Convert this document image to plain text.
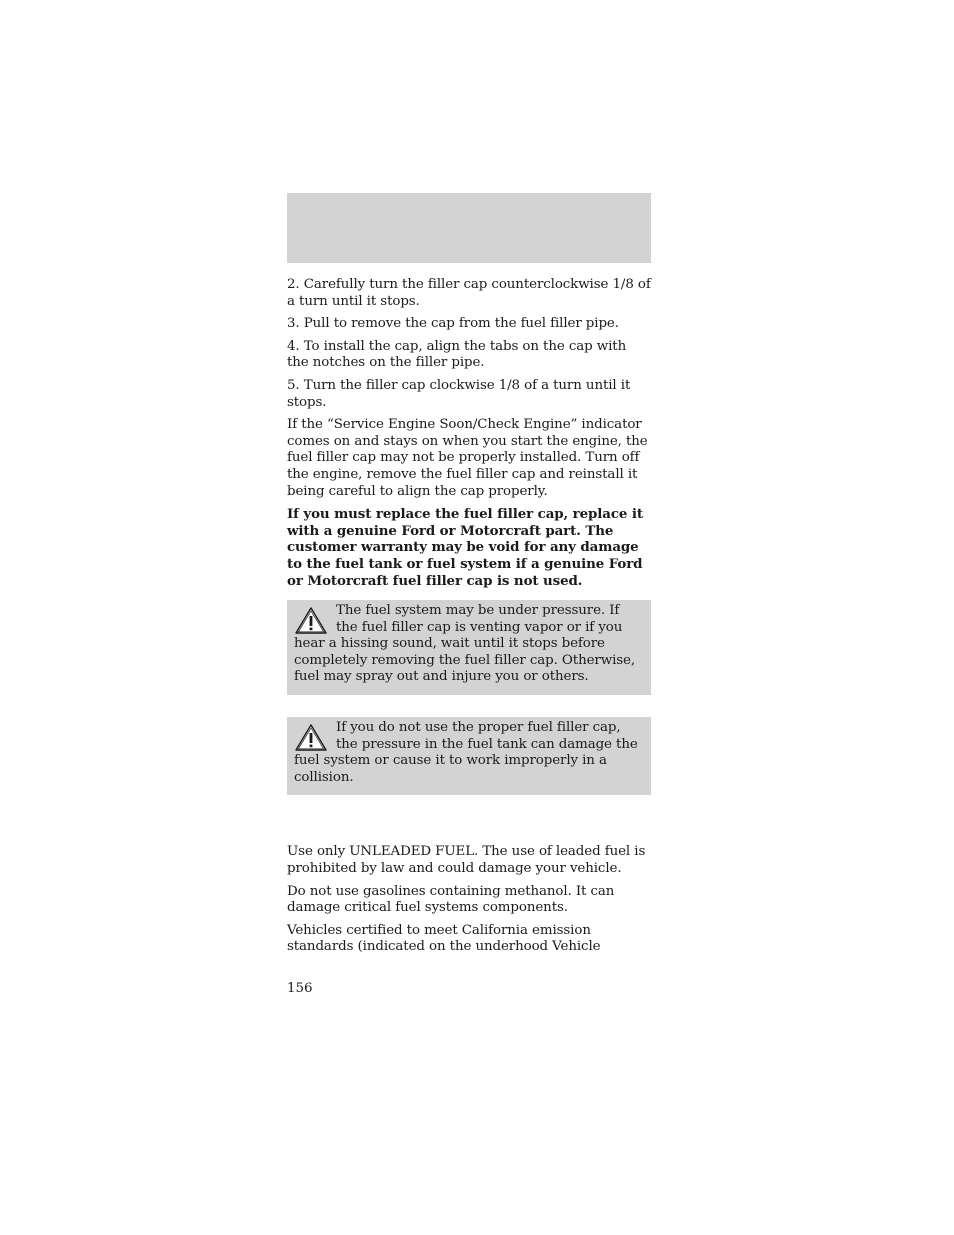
2. Carefully turn the filler cap counterclockwise 1/8 of a turn until it stops.

3. Pull to remove the cap from the fuel filler pipe.

4. To install the cap, align the tabs on the cap with the notches on the filler pipe.

5. Turn the filler cap clockwise 1/8 of a turn until it stops.

If the “Service Engine Soon/Check Engine” indicator comes on and stays on when you start the engine, the fuel filler cap may not be properly installed. Turn off the engine, remove the fuel filler cap and reinstall it being careful to align the cap properly.

If you must replace the fuel filler cap, replace it with a genuine Ford or Motorcraft part. The customer warranty may be void for any damage to the fuel tank or fuel system if a genuine Ford or Motorcraft fuel filler cap is not used.

The fuel system may be under pressure. If the fuel filler cap is venting vapor or if you hear a hissing sound, wait until it stops before completely removing the fuel filler cap. Otherwise, fuel may spray out and injure you or others.
If you do not use the proper fuel filler cap, the pressure in the fuel tank can damage the fuel system or cause it to work improperly in a collision.

Use only UNLEADED FUEL. The use of leaded fuel is prohibited by law and could damage your vehicle.

Do not use gasolines containing methanol. It can damage critical fuel systems components.

Vehicles certified to meet California emission standards (indicated on the underhood Vehicle

156
